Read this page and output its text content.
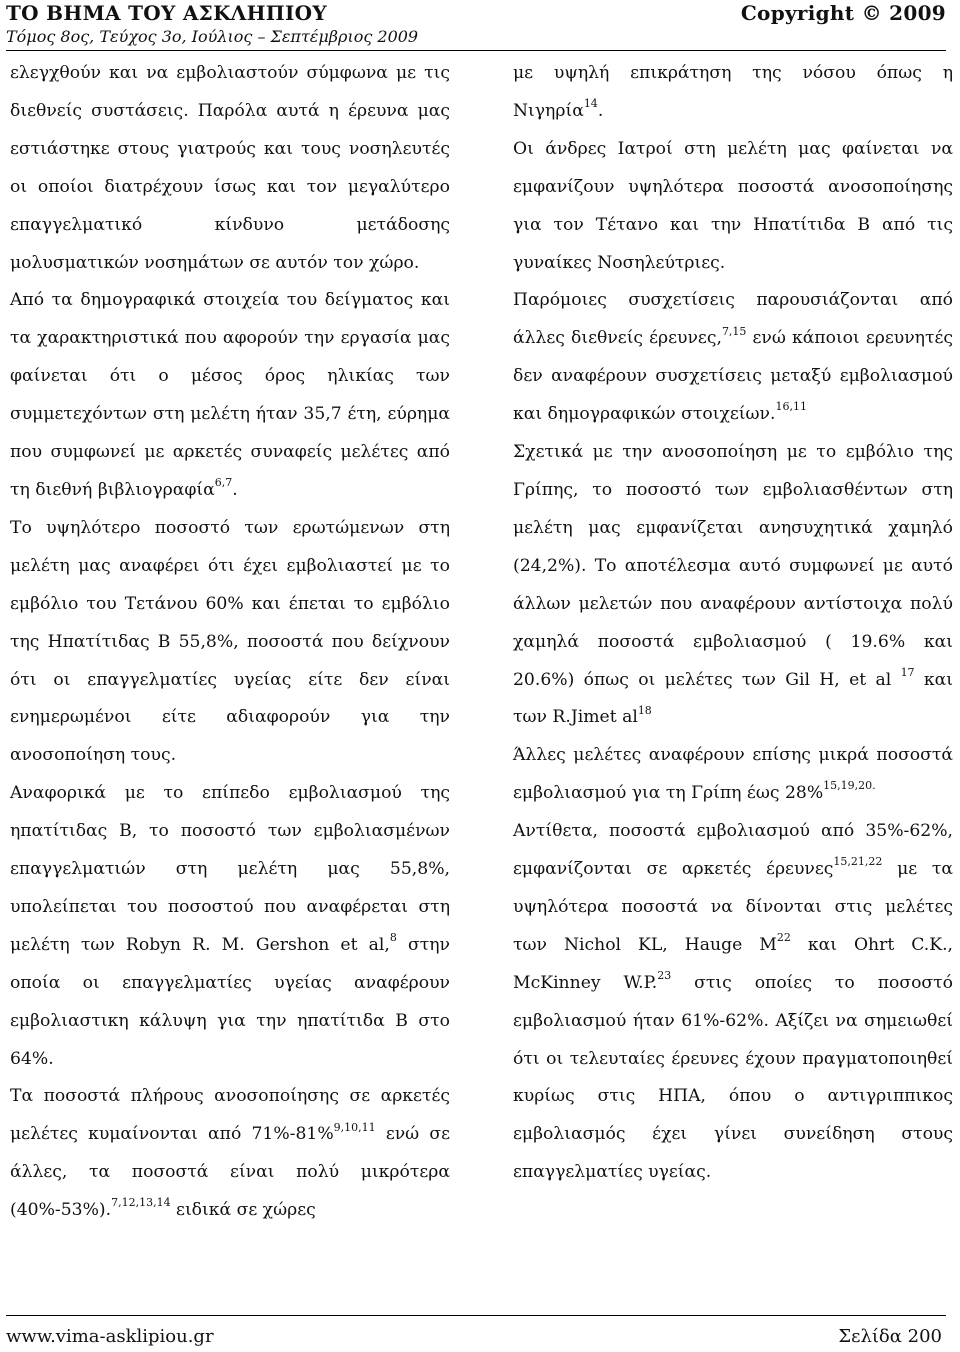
ΤΟ ΒΗΜΑ ΤΟΥ ΑΣΚΛΗΠΙΟΥ
Τόμος 8ος, Τεύχος 3ο, Ιούλιος – Σεπτέμβριος 2009
Copyright © 2009

ελεγχθούν και να εμβολιαστούν σύμφωνα με τις διεθνείς συστάσεις. Παρόλα αυτά η έρευνα μας εστιάστηκε στους γιατρούς και τους νοσηλευτές οι οποίοι διατρέχουν ίσως και τον μεγαλύτερο επαγγελματικό κίνδυνο μετάδοσης μολυσματικών νοσημάτων σε αυτόν τον χώρο.

Από τα δημογραφικά στοιχεία του δείγματος και τα χαρακτηριστικά που αφορούν την εργασία μας φαίνεται ότι ο μέσος όρος ηλικίας των συμμετεχόντων στη μελέτη ήταν 35,7 έτη, εύρημα που συμφωνεί με αρκετές συναφείς μελέτες από τη διεθνή βιβλιογραφία$^{6,7}$.

Το υψηλότερο ποσοστό των ερωτώμενων στη μελέτη μας αναφέρει ότι έχει εμβολιαστεί με το εμβόλιο του Τετάνου 60% και έπεται το εμβόλιο της Ηπατίτιδας Β 55,8%, ποσοστά που δείχνουν ότι οι επαγγελματίες υγείας είτε δεν είναι ενημερωμένοι είτε αδιαφορούν για την ανοσοποίηση τους.

Αναφορικά με το επίπεδο εμβολιασμού της ηπατίτιδας Β, το ποσοστό των εμβολιασμένων επαγγελματιών στη μελέτη μας 55,8%, υπολείπεται του ποσοστού που αναφέρεται στη μελέτη των Robyn R. M. Gershon et al,$^8$ στην οποία οι επαγγελματίες υγείας αναφέρουν εμβολιαστικη κάλυψη για την ηπατίτιδα Β στο 64%.

Τα ποσοστά πλήρους ανοσοποίησης σε αρκετές μελέτες κυμαίνονται από 71%-81%$^{9,10,11}$ ενώ σε άλλες, τα ποσοστά είναι πολύ μικρότερα (40%-53%).$^{7,12,13,14}$ ειδικά σε χώρες

με υψηλή επικράτηση της νόσου όπως η Νιγηρία$^{14}$.

Οι άνδρες Ιατροί στη μελέτη μας φαίνεται να εμφανίζουν υψηλότερα ποσοστά ανοσοποίησης για τον Τέτανο και την Ηπατίτιδα Β από τις γυναίκες Νοσηλεύτριες.

Παρόμοιες συσχετίσεις παρουσιάζονται από άλλες διεθνείς έρευνες,$^{7,15}$ ενώ κάποιοι ερευνητές δεν αναφέρουν συσχετίσεις μεταξύ εμβολιασμού και δημογραφικών στοιχείων.$^{16,11}$

Σχετικά με την ανοσοποίηση με το εμβόλιο της Γρίπης, το ποσοστό των εμβολιασθέντων στη μελέτη μας εμφανίζεται ανησυχητικά χαμηλό (24,2%). Το αποτέλεσμα αυτό συμφωνεί με αυτό άλλων μελετών που αναφέρουν αντίστοιχα πολύ χαμηλά ποσοστά εμβολιασμού ( 19.6% και 20.6%) όπως οι μελέτες των Gil H, et al $^{17}$ και των R.Jimet $al^{18}$

Άλλες μελέτες αναφέρουν επίσης μικρά ποσοστά εμβολιασμού για τη Γρίπη έως 28%$^{15,19,20.}$

Αντίθετα, ποσοστά εμβολιασμού από 35%-62%, εμφανίζονται σε αρκετές έρευνες$^{15,21,22}$ με τα υψηλότερα ποσοστά να δίνονται στις μελέτες των Nichol KL, Hauge $M^{22}$ και Ohrt C.K., McKinney W.P.$^{23}$ στις οποίες το ποσοστό εμβολιασμού ήταν 61%-62%. Αξίζει να σημειωθεί ότι οι τελευταίες έρευνες έχουν πραγματοποιηθεί κυρίως στις ΗΠΑ, όπου ο αντιγριππικος εμβολιασμός έχει γίνει συνείδηση στους επαγγελματίες υγείας.

www.vima-asklipiou.gr	Σελίδα 200
